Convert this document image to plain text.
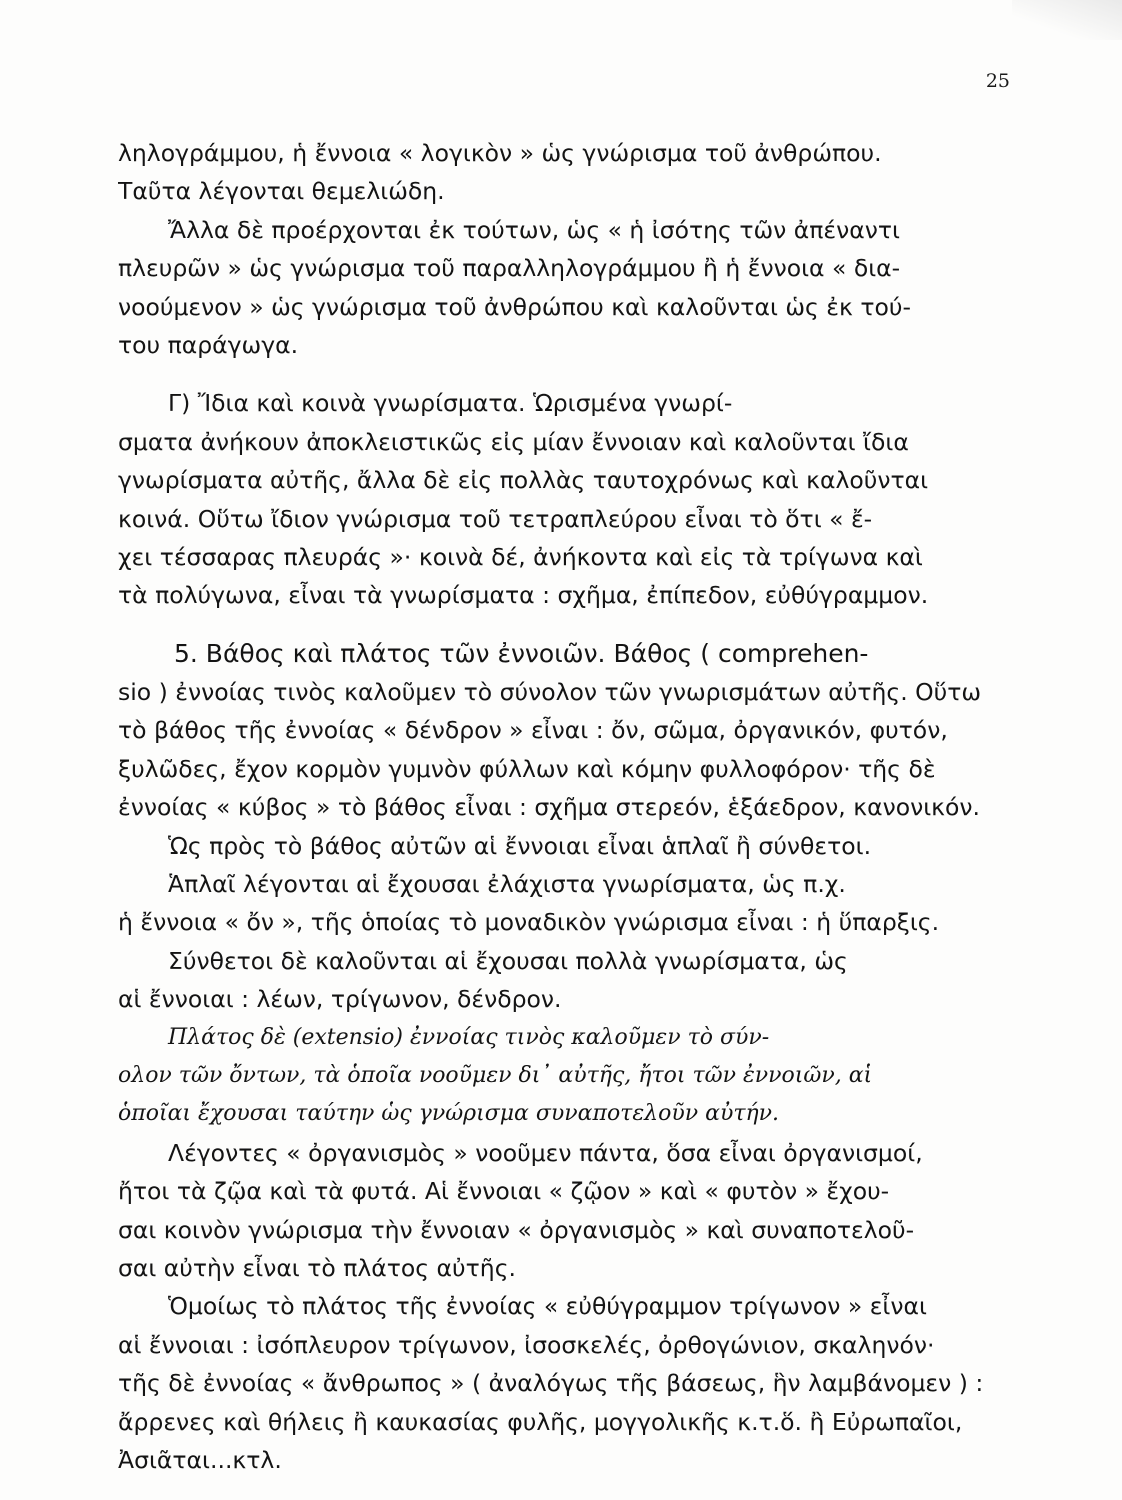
25
ληλογράμμου, ἡ ἔννοια « λογικὸν » ὡς γνώρισμα τοῦ ἀνθρώπου.
Ταῦτα λέγονται θεμελιώδη.
Ἄλλα δὲ προέρχονται ἐκ τούτων, ὡς « ἡ ἰσότης τῶν ἀπέναντι
πλευρῶν » ὡς γνώρισμα τοῦ παραλληλογράμμου ἢ ἡ ἔννοια « δια-
νοούμενον » ὡς γνώρισμα τοῦ ἀνθρώπου καὶ καλοῦνται ὡς ἐκ τού-
του παράγωγα.
Γ) Ἴδια καὶ κοινὰ γνωρίσματα. Ὡρισμένα γνωρί-
σματα ἀνήκουν ἀποκλειστικῶς εἰς μίαν ἔννοιαν καὶ καλοῦνται ἴδια
γνωρίσματα αὐτῆς, ἄλλα δὲ εἰς πολλὰς ταυτοχρόνως καὶ καλοῦνται
κοινά. Οὕτω ἴδιον γνώρισμα τοῦ τετραπλεύρου εἶναι τὸ ὅτι « ἔ-
χει τέσσαρας πλευράς »· κοινὰ δέ, ἀνήκοντα καὶ εἰς τὰ τρίγωνα καὶ
τὰ πολύγωνα, εἶναι τὰ γνωρίσματα : σχῆμα, ἐπίπεδον, εὐθύγραμμον.
5. Βάθος καὶ πλάτος τῶν ἐννοιῶν. Βάθος ( comprehen-
sio ) ἐννοίας τινὸς καλοῦμεν τὸ σύνολον τῶν γνωρισμάτων αὐτῆς. Οὕτω
τὸ βάθος τῆς ἐννοίας « δένδρον » εἶναι : ὄν, σῶμα, ὀργανικόν, φυτόν,
ξυλῶδες, ἔχον κορμὸν γυμνὸν φύλλων καὶ κόμην φυλλοφόρον· τῆς δὲ
ἐννοίας « κύβος » τὸ βάθος εἶναι : σχῆμα στερεόν, ἑξάεδρον, κανονικόν.
Ὡς πρὸς τὸ βάθος αὐτῶν αἱ ἔννοιαι εἶναι ἁπλαῖ ἢ σύνθετοι.
Ἁπλαῖ λέγονται αἱ ἔχουσαι ἐλάχιστα γνωρίσματα, ὡς π.χ.
ἡ ἔννοια « ὄν », τῆς ὁποίας τὸ μοναδικὸν γνώρισμα εἶναι : ἡ ὕπαρξις.
Σύνθετοι δὲ καλοῦνται αἱ ἔχουσαι πολλὰ γνωρίσματα, ὡς
αἱ ἔννοιαι : λέων, τρίγωνον, δένδρον.
Πλάτος δὲ (extensio) ἐννοίας τινὸς καλοῦμεν τὸ σύν-
ολον τῶν ὄντων, τὰ ὁποῖα νοοῦμεν δι᾿ αὐτῆς, ἤτοι τῶν ἐννοιῶν, αἱ
ὁποῖαι ἔχουσαι ταύτην ὡς γνώρισμα συναποτελοῦν αὐτήν.
Λέγοντες « ὀργανισμὸς » νοοῦμεν πάντα, ὅσα εἶναι ὀργανισμοί,
ἤτοι τὰ ζῷα καὶ τὰ φυτά. Αἱ ἔννοιαι « ζῷον » καὶ « φυτὸν » ἔχου-
σαι κοινὸν γνώρισμα τὴν ἔννοιαν « ὀργανισμὸς » καὶ συναποτελοῦ-
σαι αὐτὴν εἶναι τὸ πλάτος αὐτῆς.
Ὁμοίως τὸ πλάτος τῆς ἐννοίας « εὐθύγραμμον τρίγωνον » εἶναι
αἱ ἔννοιαι : ἰσόπλευρον τρίγωνον, ἰσοσκελές, ὀρθογώνιον, σκαληνόν·
τῆς δὲ ἐννοίας « ἄνθρωπος » ( ἀναλόγως τῆς βάσεως, ἣν λαμβάνομεν ) :
ἄρρενες καὶ θήλεις ἢ καυκασίας φυλῆς, μογγολικῆς κ.τ.ὅ. ἢ Εὐρωπαῖοι,
Ἀσιᾶται...κτλ.
